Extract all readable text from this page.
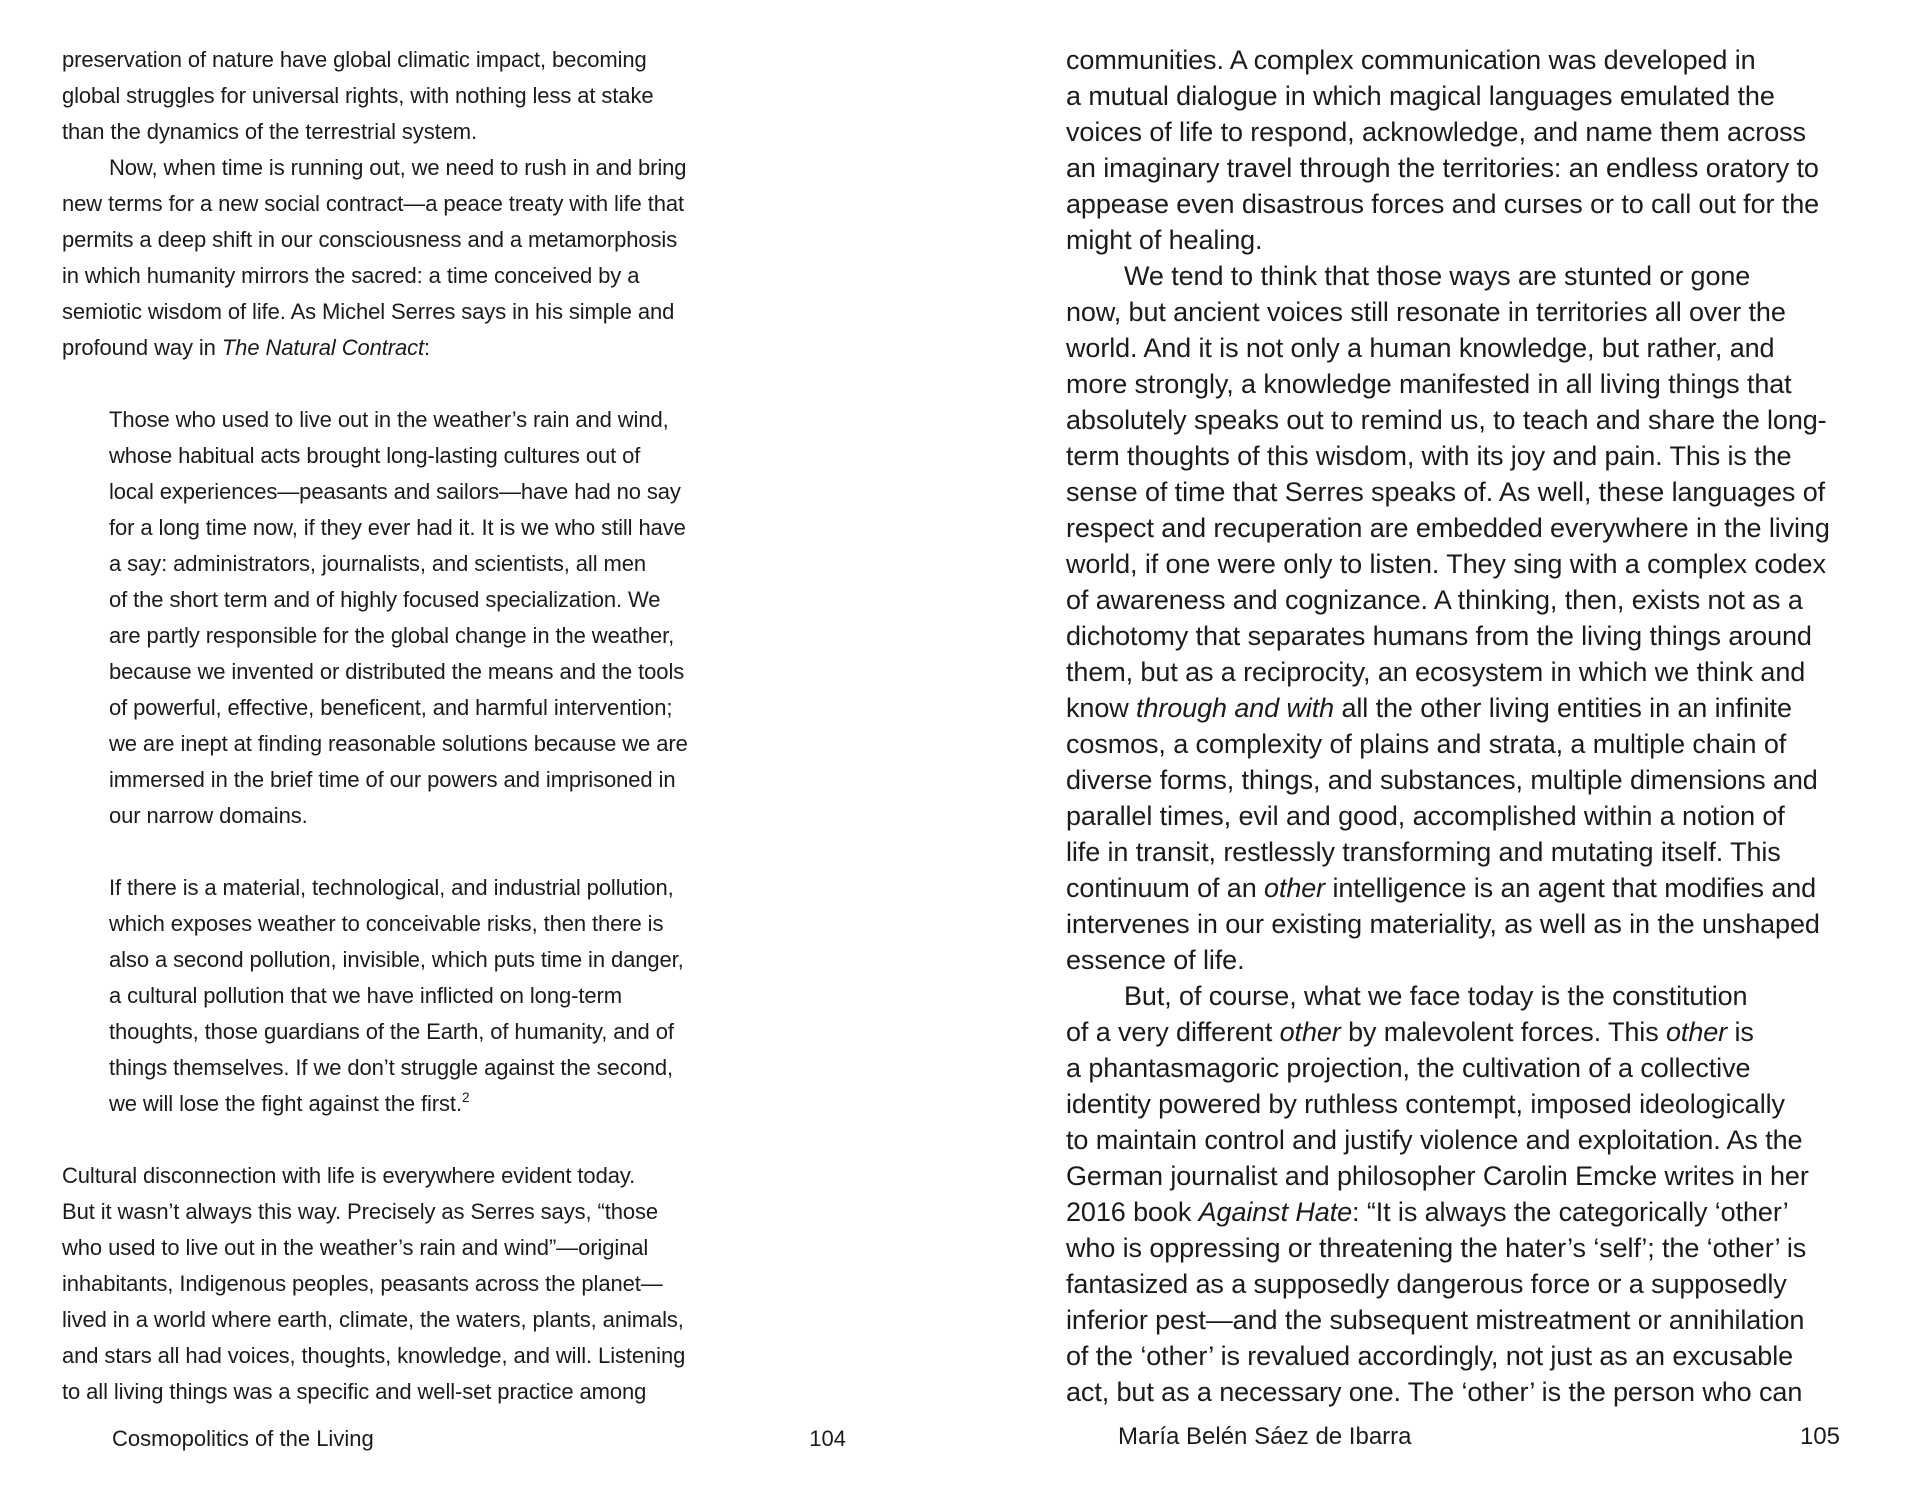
preservation of nature have global climatic impact, becoming
global struggles for universal rights, with nothing less at stake
than the dynamics of the terrestrial system.
Now, when time is running out, we need to rush in and bring
new terms for a new social contract—a peace treaty with life that
permits a deep shift in our consciousness and a metamorphosis
in which humanity mirrors the sacred: a time conceived by a
semiotic wisdom of life. As Michel Serres says in his simple and
profound way in The Natural Contract:
Those who used to live out in the weather’s rain and wind,
whose habitual acts brought long-lasting cultures out of
local experiences—peasants and sailors—have had no say
for a long time now, if they ever had it. It is we who still have
a say: administrators, journalists, and scientists, all men
of the short term and of highly focused specialization. We
are partly responsible for the global change in the weather,
because we invented or distributed the means and the tools
of powerful, effective, beneficent, and harmful intervention;
we are inept at finding reasonable solutions because we are
immersed in the brief time of our powers and imprisoned in
our narrow domains.
If there is a material, technological, and industrial pollution,
which exposes weather to conceivable risks, then there is
also a second pollution, invisible, which puts time in danger,
a cultural pollution that we have inflicted on long-term
thoughts, those guardians of the Earth, of humanity, and of
things themselves. If we don’t struggle against the second,
we will lose the fight against the first.$^2$
Cultural disconnection with life is everywhere evident today.
But it wasn’t always this way. Precisely as Serres says, “those
who used to live out in the weather’s rain and wind”—original
inhabitants, Indigenous peoples, peasants across the planet—
lived in a world where earth, climate, the waters, plants, animals,
and stars all had voices, thoughts, knowledge, and will. Listening
to all living things was a specific and well-set practice among
communities. A complex communication was developed in
a mutual dialogue in which magical languages emulated the
voices of life to respond, acknowledge, and name them across
an imaginary travel through the territories: an endless oratory to
appease even disastrous forces and curses or to call out for the
might of healing.
We tend to think that those ways are stunted or gone
now, but ancient voices still resonate in territories all over the
world. And it is not only a human knowledge, but rather, and
more strongly, a knowledge manifested in all living things that
absolutely speaks out to remind us, to teach and share the long-
term thoughts of this wisdom, with its joy and pain. This is the
sense of time that Serres speaks of. As well, these languages of
respect and recuperation are embedded everywhere in the living
world, if one were only to listen. They sing with a complex codex
of awareness and cognizance. A thinking, then, exists not as a
dichotomy that separates humans from the living things around
them, but as a reciprocity, an ecosystem in which we think and
know through and with all the other living entities in an infinite
cosmos, a complexity of plains and strata, a multiple chain of
diverse forms, things, and substances, multiple dimensions and
parallel times, evil and good, accomplished within a notion of
life in transit, restlessly transforming and mutating itself. This
continuum of an other intelligence is an agent that modifies and
intervenes in our existing materiality, as well as in the unshaped
essence of life.
But, of course, what we face today is the constitution
of a very different other by malevolent forces. This other is
a phantasmagoric projection, the cultivation of a collective
identity powered by ruthless contempt, imposed ideologically
to maintain control and justify violence and exploitation. As the
German journalist and philosopher Carolin Emcke writes in her
2016 book Against Hate: “It is always the categorically ‘other’
who is oppressing or threatening the hater’s ‘self’; the ‘other’ is
fantasized as a supposedly dangerous force or a supposedly
inferior pest—and the subsequent mistreatment or annihilation
of the ‘other’ is revalued accordingly, not just as an excusable
act, but as a necessary one. The ‘other’ is the person who can
Cosmopolitics of the Living	104	María Belén Sáez de Ibarra	105
